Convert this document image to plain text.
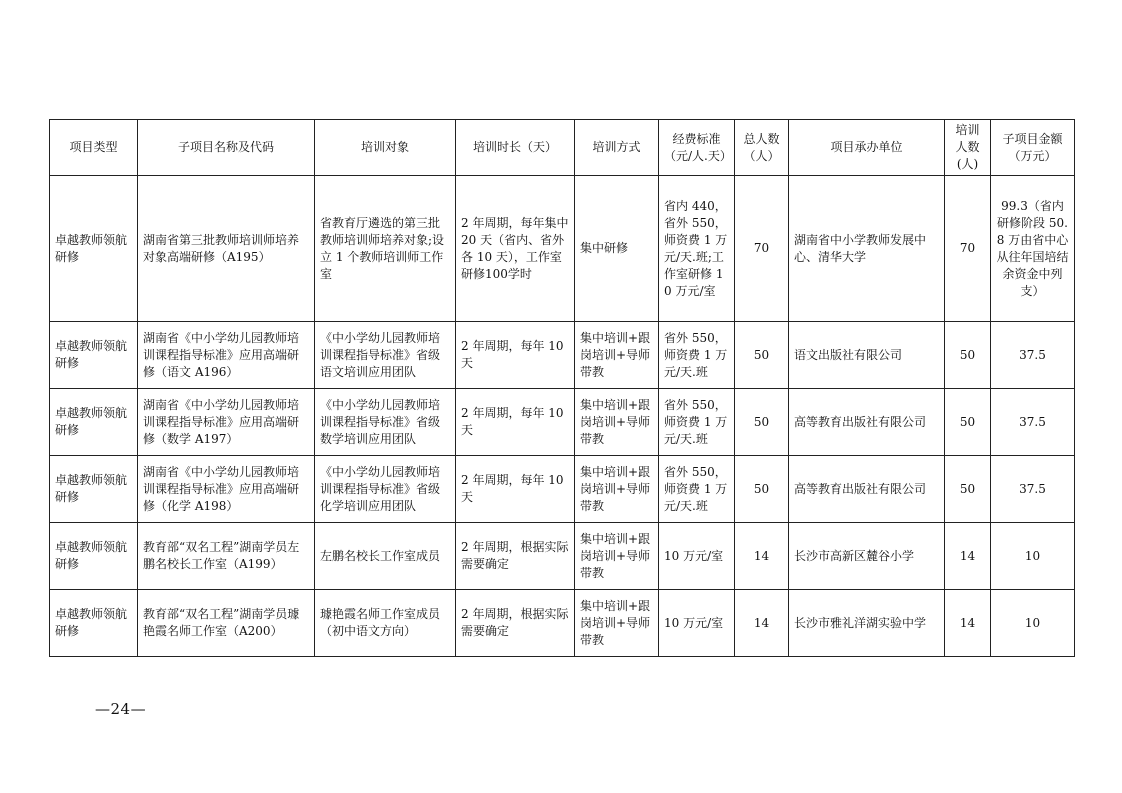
项目类型	子项目名称及代码	培训对象	培训时长（天）	培训方式	经费标准（元/人.天）	总人数（人）	项目承办单位	培训人数(人)	子项目金额（万元）
卓越教师领航研修	湖南省第三批教师培训师培养对象高端研修（A195）	省教育厅遴选的第三批教师培训师培养对象;设立 1 个教师培训师工作室	2 年周期，每年集中 20 天（省内、省外各 10 天），工作室研修100学时	集中研修	省内 440，省外 550，师资费 1 万元/天.班;工作室研修 10 万元/室	70	湖南省中小学教师发展中心、清华大学	70	99.3（省内研修阶段 50.8 万由省中心从往年国培结余资金中列支）
卓越教师领航研修	湖南省《中小学幼儿园教师培训课程指导标准》应用高端研修（语文 A196）	《中小学幼儿园教师培训课程指导标准》省级语文培训应用团队	2 年周期，每年 10 天	集中培训+跟岗培训+导师带教	省外 550，师资费 1 万元/天.班	50	语文出版社有限公司	50	37.5
卓越教师领航研修	湖南省《中小学幼儿园教师培训课程指导标准》应用高端研修（数学 A197）	《中小学幼儿园教师培训课程指导标准》省级数学培训应用团队	2 年周期，每年 10 天	集中培训+跟岗培训+导师带教	省外 550，师资费 1 万元/天.班	50	高等教育出版社有限公司	50	37.5
卓越教师领航研修	湖南省《中小学幼儿园教师培训课程指导标准》应用高端研修（化学 A198）	《中小学幼儿园教师培训课程指导标准》省级化学培训应用团队	2 年周期，每年 10 天	集中培训+跟岗培训+导师带教	省外 550，师资费 1 万元/天.班	50	高等教育出版社有限公司	50	37.5
卓越教师领航研修	教育部“双名工程”湖南学员左鹏名校长工作室（A199）	左鹏名校长工作室成员	2 年周期，根据实际需要确定	集中培训+跟岗培训+导师带教	10 万元/室	14	长沙市高新区麓谷小学	14	10
卓越教师领航研修	教育部“双名工程”湖南学员璩艳霞名师工作室（A200）	璩艳霞名师工作室成员（初中语文方向）	2 年周期，根据实际需要确定	集中培训+跟岗培训+导师带教	10 万元/室	14	长沙市雅礼洋湖实验中学	14	10
—24—
